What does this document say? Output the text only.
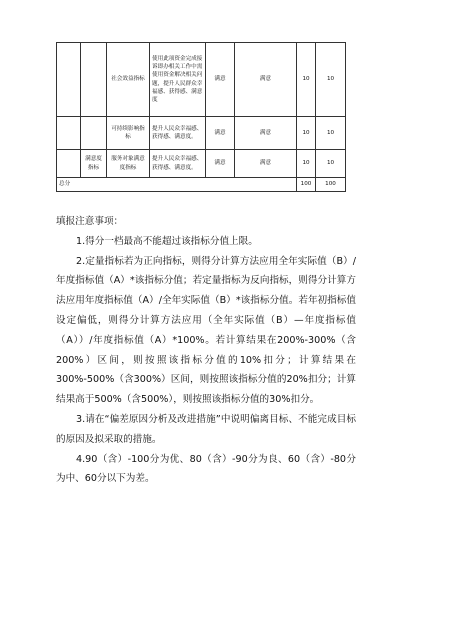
		社会效益指标	使用此项资金完成接诉即办相关工作中需使用资金解决相关问题，提升人民群众幸福感、获得感、满意度	满意	满意	10	10
		可持续影响指标	提升人民众幸福感、获得感、满意度。	满意	满意	10	10
	满意度指标	服务对象满意度指标	提升人民众幸福感、获得感、满意度。	满意	满意	10	10
总分						100	100

填报注意事项：

1.得分一档最高不能超过该指标分值上限。

2.定量指标若为正向指标，则得分计算方法应用全年实际值（B）/年度指标值（A）*该指标分值；若定量指标为反向指标，则得分计算方法应用年度指标值（A）/全年实际值（B）*该指标分值。若年初指标值设定偏低，则得分计算方法应用（全年实际值（B）—年度指标值（A））/年度指标值（A）*100%。若计算结果在200%-300%（含200%）区间，则按照该指标分值的10%扣分；计算结果在300%-500%（含300%）区间，则按照该指标分值的20%扣分；计算结果高于500%（含500%），则按照该指标分值的30%扣分。

3.请在“偏差原因分析及改进措施”中说明偏离目标、不能完成目标的原因及拟采取的措施。

4.90（含）-100分为优、80（含）-90分为良、60（含）-80分为中、60分以下为差。
